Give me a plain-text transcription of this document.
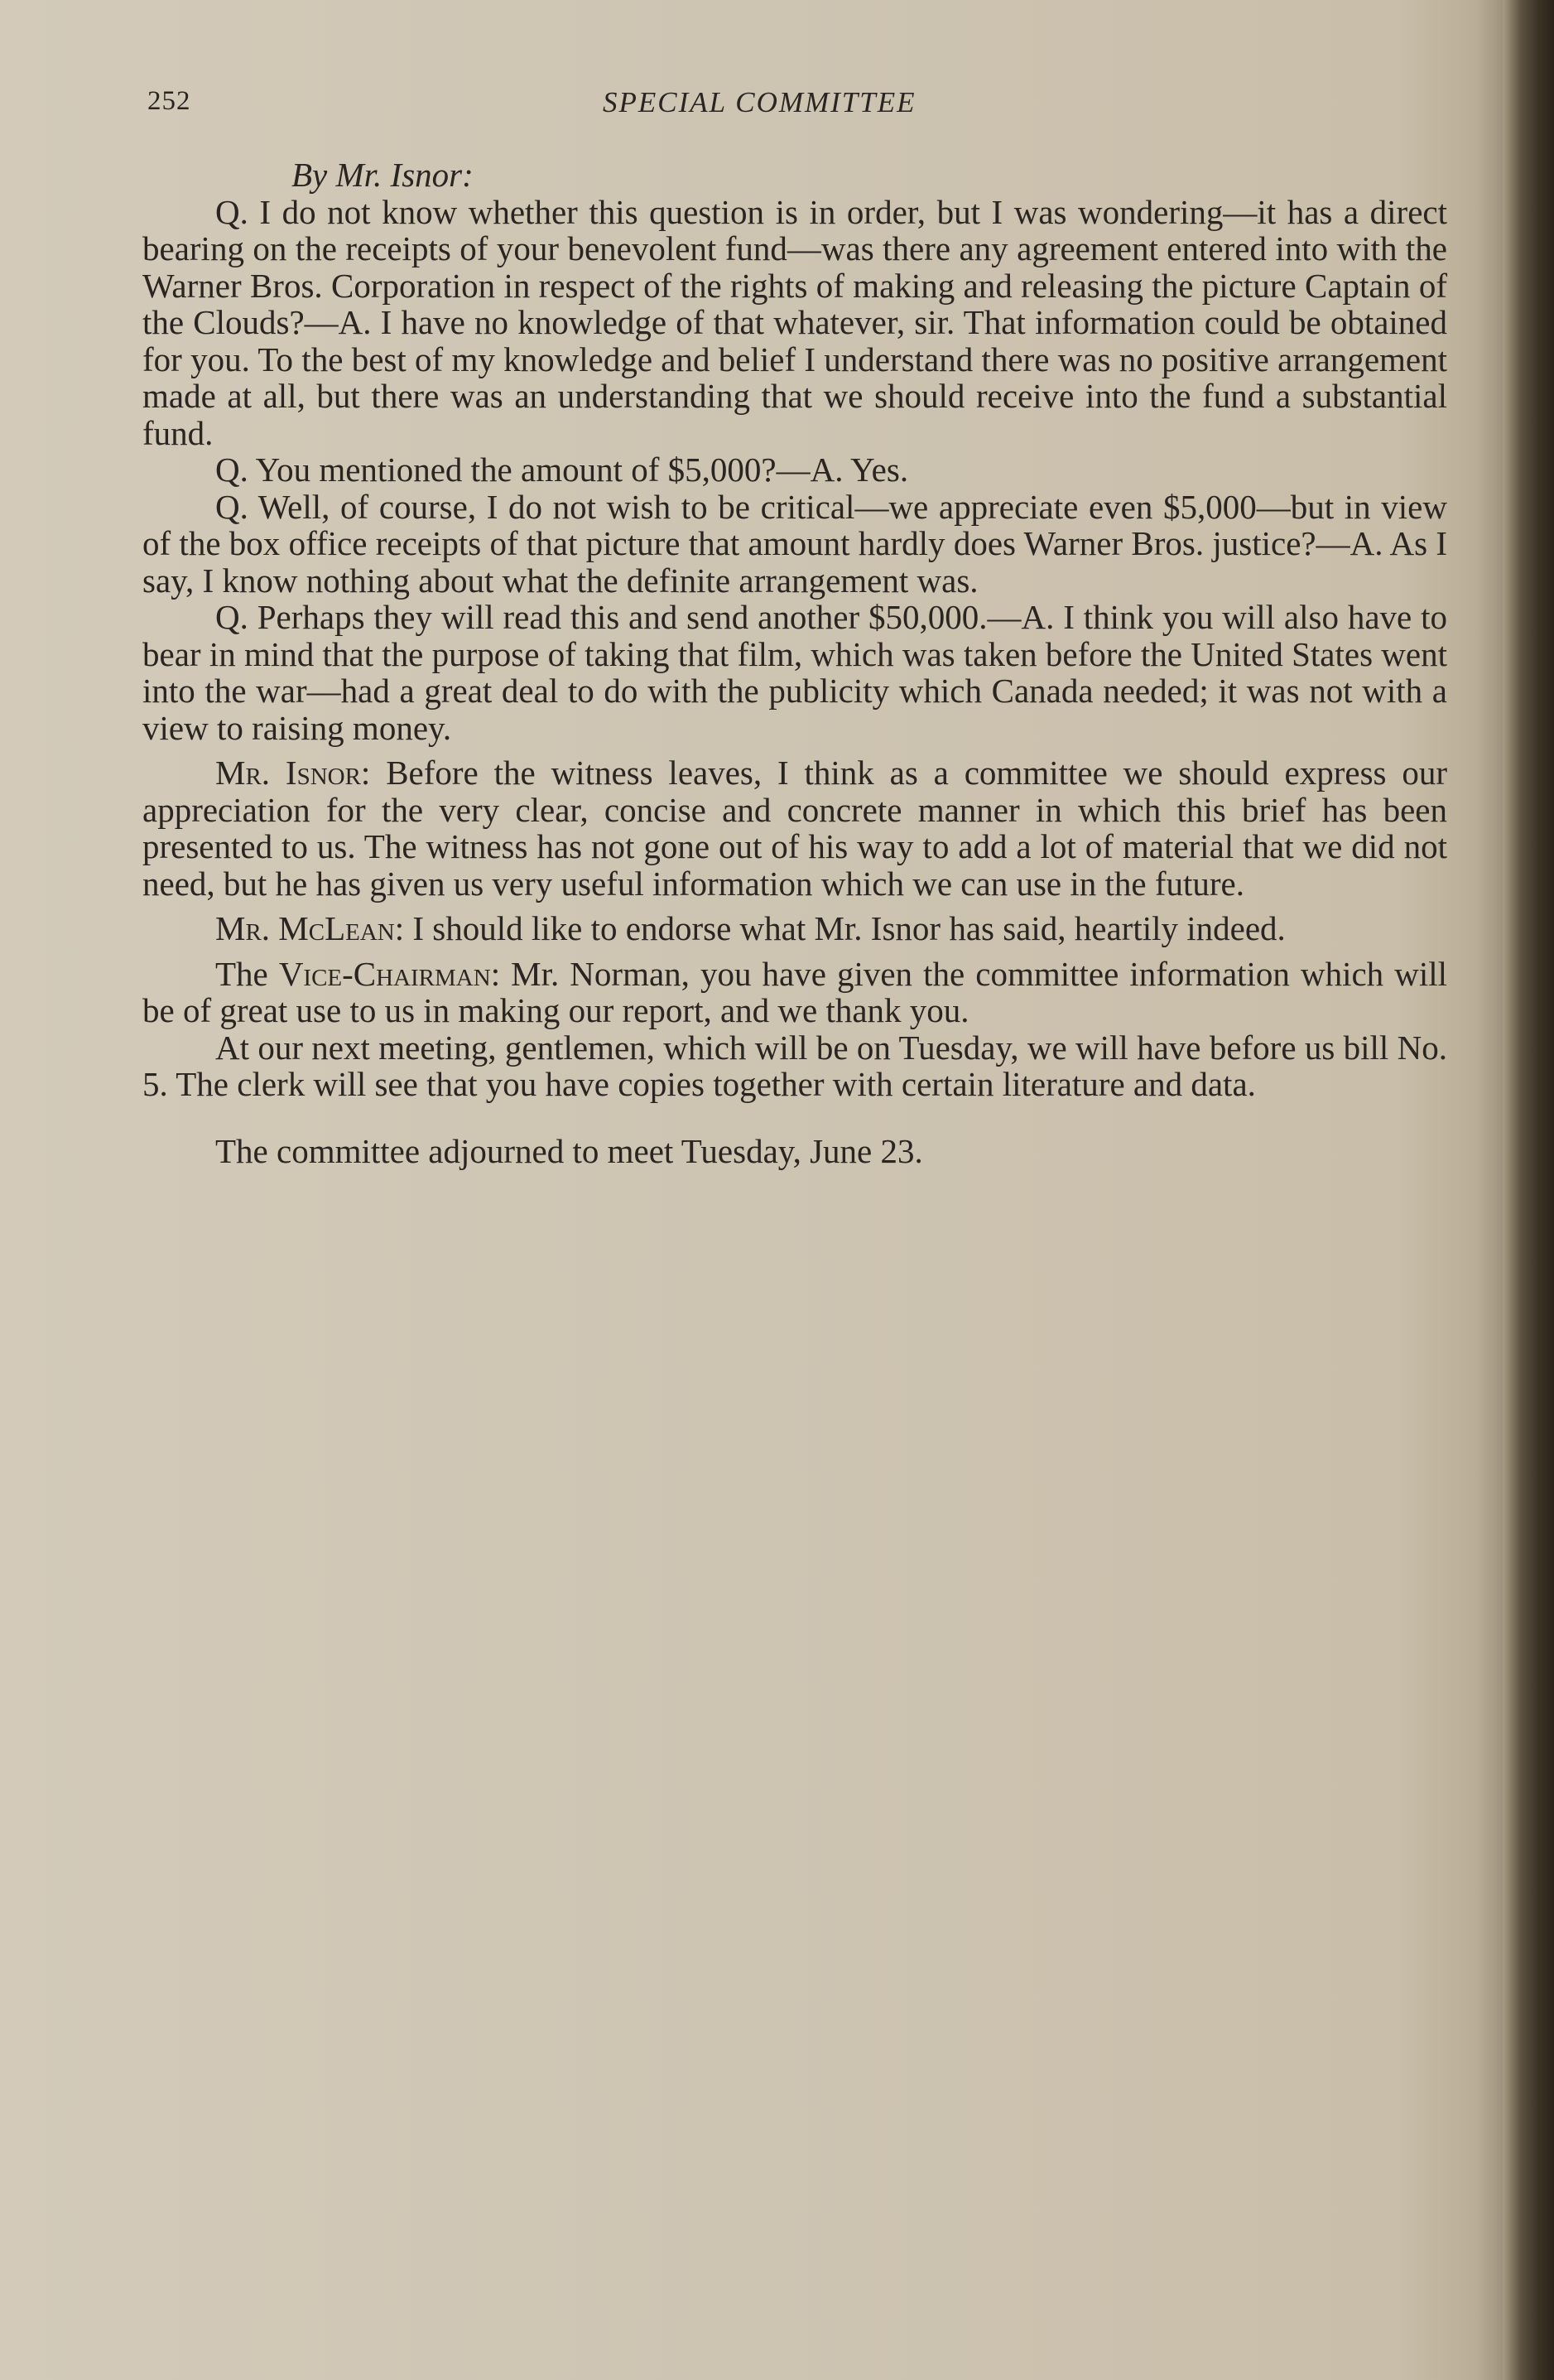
252	SPECIAL COMMITTEE

By Mr. Isnor:

Q. I do not know whether this question is in order, but I was wondering—it has a direct bearing on the receipts of your benevolent fund—was there any agreement entered into with the Warner Bros. Corporation in respect of the rights of making and releasing the picture Captain of the Clouds?—A. I have no knowledge of that whatever, sir. That information could be obtained for you. To the best of my knowledge and belief I understand there was no positive arrangement made at all, but there was an understanding that we should receive into the fund a substantial fund.

Q. You mentioned the amount of $5,000?—A. Yes.

Q. Well, of course, I do not wish to be critical—we appreciate even $5,000—but in view of the box office receipts of that picture that amount hardly does Warner Bros. justice?—A. As I say, I know nothing about what the definite arrangement was.

Q. Perhaps they will read this and send another $50,000.—A. I think you will also have to bear in mind that the purpose of taking that film, which was taken before the United States went into the war—had a great deal to do with the publicity which Canada needed; it was not with a view to raising money.

Mr. Isnor: Before the witness leaves, I think as a committee we should express our appreciation for the very clear, concise and concrete manner in which this brief has been presented to us. The witness has not gone out of his way to add a lot of material that we did not need, but he has given us very useful information which we can use in the future.

Mr. McLean: I should like to endorse what Mr. Isnor has said, heartily indeed.

The Vice-Chairman: Mr. Norman, you have given the committee information which will be of great use to us in making our report, and we thank you.

At our next meeting, gentlemen, which will be on Tuesday, we will have before us bill No. 5. The clerk will see that you have copies together with certain literature and data.

The committee adjourned to meet Tuesday, June 23.
